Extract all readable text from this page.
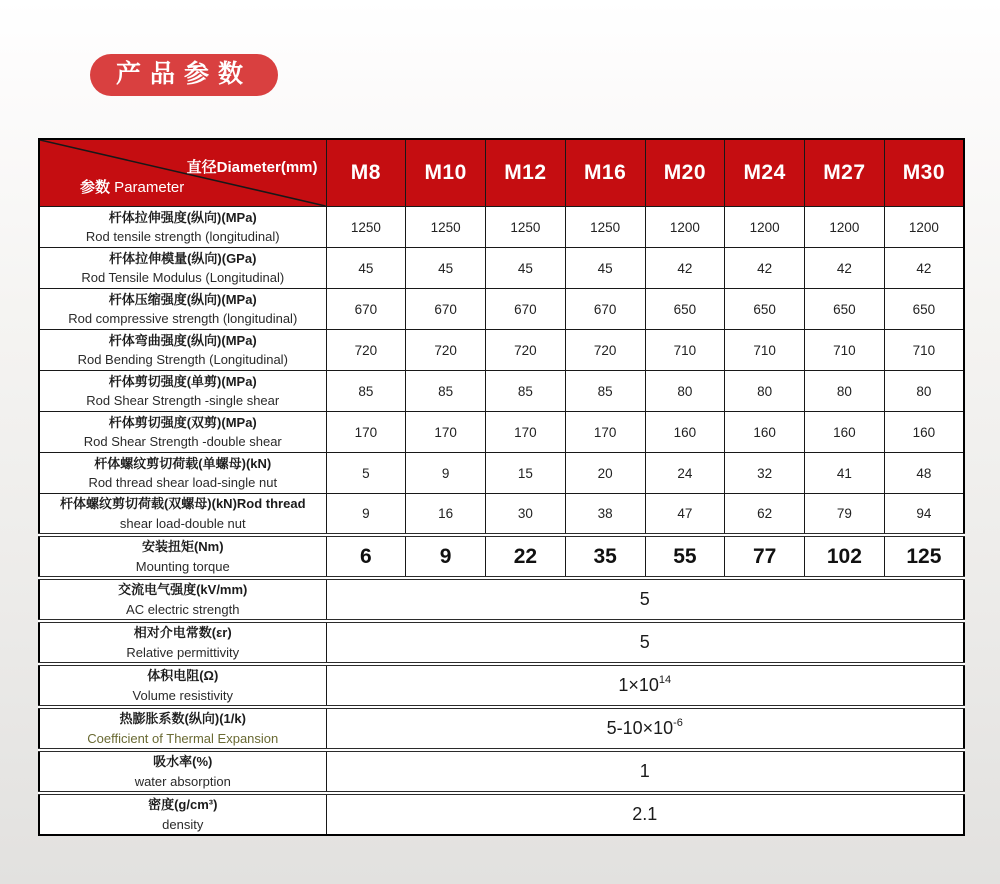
产品参数
直径Diameter(mm)
参数 Parameter	M8	M10	M12	M16	M20	M24	M27	M30

杆体拉伸强度(纵向)(MPa)
Rod tensile strength (longitudinal)	1250	1250	1250	1250	1200	1200	1200	1200

杆体拉伸模量(纵向)(GPa)
Rod Tensile Modulus (Longitudinal)	45	45	45	45	42	42	42	42

杆体压缩强度(纵向)(MPa)
Rod compressive strength (longitudinal)	670	670	670	670	650	650	650	650

杆体弯曲强度(纵向)(MPa)
Rod Bending Strength (Longitudinal)	720	720	720	720	710	710	710	710

杆体剪切强度(单剪)(MPa)
Rod Shear Strength -single shear	85	85	85	85	80	80	80	80

杆体剪切强度(双剪)(MPa)
Rod Shear Strength -double shear	170	170	170	170	160	160	160	160

杆体螺纹剪切荷载(单螺母)(kN)
Rod thread shear load-single nut	5	9	15	20	24	32	41	48

杆体螺纹剪切荷载(双螺母)(kN)Rod thread
shear load-double nut	9	16	30	38	47	62	79	94

安装扭矩(Nm)
Mounting torque	6	9	22	35	55	77	102	125

交流电气强度(kV/mm)
AC electric strength	5							

相对介电常数(εr)
Relative permittivity	5							

体积电阻(Ω)
Volume resistivity	$1\times 10^{14}$

热膨胀系数(纵向)(1/k)
Coefficient of Thermal Expansion	$5-10\times 10^{-6}$

吸水率(%)
water absorption	1							

密度(g/cm³)
density	2.1							
